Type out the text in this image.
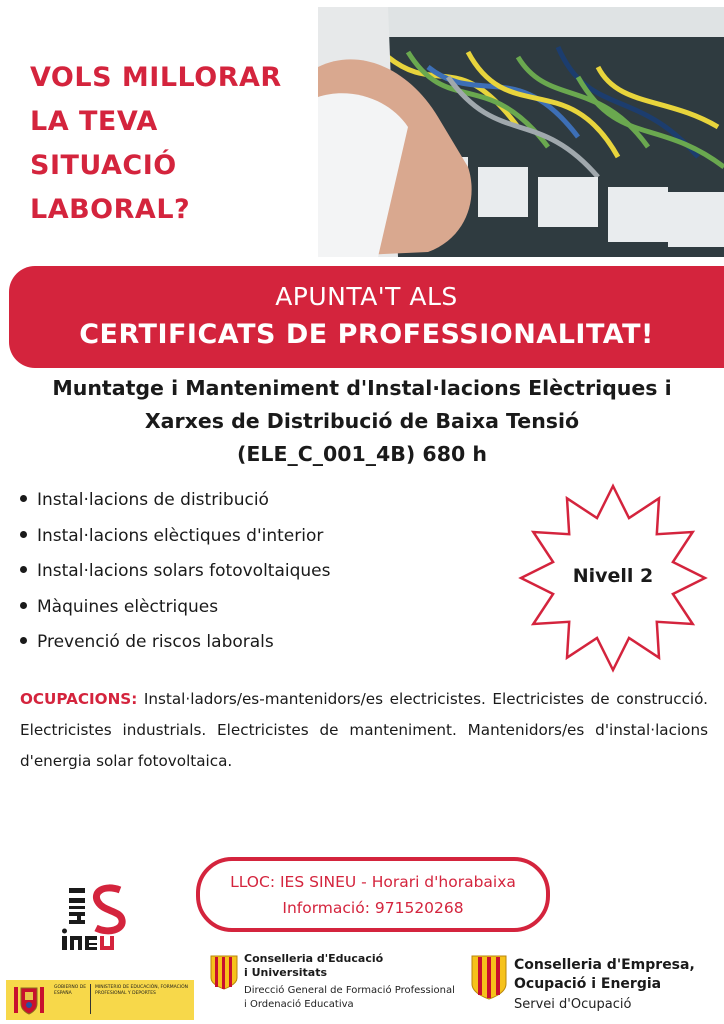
VOLS MILLORAR
LA TEVA
SITUACIÓ
LABORAL?
APUNTA'T ALS
CERTIFICATS DE PROFESSIONALITAT!
Muntatge i Manteniment d'Instal·lacions Elèctriques i
Xarxes de Distribució de Baixa Tensió
(ELE_C_001_4B) 680 h
Instal·lacions de distribució
Instal·lacions elèctiques d'interior
Instal·lacions solars fotovoltaiques
Màquines elèctriques
Prevenció de riscos laborals
Nivell 2
OCUPACIONS: Instal·ladors/es-mantenidors/es electricistes. Electricistes de construcció. Electricistes industrials. Electricistes de manteniment. Mantenidors/es d'instal·lacions d'energia solar fotovoltaica.
LLOC: IES SINEU - Horari d'horabaixa
Informació: 971520268
GOBIERNO DE ESPAÑA
MINISTERIO DE EDUCACIÓN, FORMACIÓN PROFESIONAL Y DEPORTES
Conselleria d'Educació
i Universitats
Direcció General de Formació Professional
i Ordenació Educativa
Conselleria d'Empresa,
Ocupació i Energia
Servei d'Ocupació
